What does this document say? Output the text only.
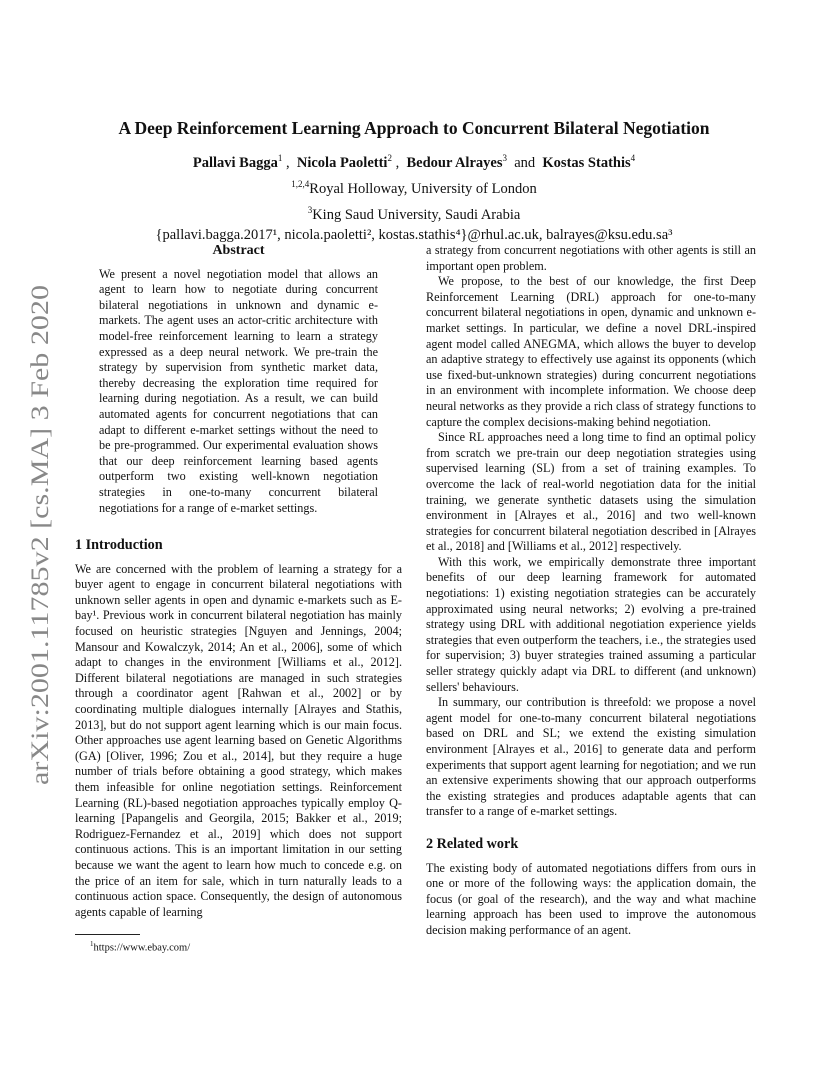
arXiv:2001.11785v2 [cs.MA] 3 Feb 2020
A Deep Reinforcement Learning Approach to Concurrent Bilateral Negotiation
Pallavi Bagga$^1$ ,  Nicola Paoletti$^2$ ,  Bedour Alrayes$^3$ and Kostas Stathis$^4$
$^{1,2,4}$Royal Holloway, University of London
$^3$King Saud University, Saudi Arabia
{pallavi.bagga.2017¹, nicola.paoletti², kostas.stathis⁴}@rhul.ac.uk, balrayes@ksu.edu.sa³
Abstract

We present a novel negotiation model that allows an agent to learn how to negotiate during concurrent bilateral negotiations in unknown and dynamic e-markets. The agent uses an actor-critic architecture with model-free reinforcement learning to learn a strategy expressed as a deep neural network. We pre-train the strategy by supervision from synthetic market data, thereby decreasing the exploration time required for learning during negotiation. As a result, we can build automated agents for concurrent negotiations that can adapt to different e-market settings without the need to be pre-programmed. Our experimental evaluation shows that our deep reinforcement learning based agents outperform two existing well-known negotiation strategies in one-to-many concurrent bilateral negotiations for a range of e-market settings.

1 Introduction

We are concerned with the problem of learning a strategy for a buyer agent to engage in concurrent bilateral negotiations with unknown seller agents in open and dynamic e-markets such as E-bay¹. Previous work in concurrent bilateral negotiation has mainly focused on heuristic strategies [Nguyen and Jennings, 2004; Mansour and Kowalczyk, 2014; An et al., 2006], some of which adapt to changes in the environment [Williams et al., 2012]. Different bilateral negotiations are managed in such strategies through a coordinator agent [Rahwan et al., 2002] or by coordinating multiple dialogues internally [Alrayes and Stathis, 2013], but do not support agent learning which is our main focus. Other approaches use agent learning based on Genetic Algorithms (GA) [Oliver, 1996; Zou et al., 2014], but they require a huge number of trials before obtaining a good strategy, which makes them infeasible for online negotiation settings. Reinforcement Learning (RL)-based negotiation approaches typically employ Q-learning [Papangelis and Georgila, 2015; Bakker et al., 2019; Rodriguez-Fernandez et al., 2019] which does not support continuous actions. This is an important limitation in our setting because we want the agent to learn how much to concede e.g. on the price of an item for sale, which in turn naturally leads to a continuous action space. Consequently, the design of autonomous agents capable of learning

a strategy from concurrent negotiations with other agents is still an important open problem.

We propose, to the best of our knowledge, the first Deep Reinforcement Learning (DRL) approach for one-to-many concurrent bilateral negotiations in open, dynamic and unknown e-market settings. In particular, we define a novel DRL-inspired agent model called ANEGMA, which allows the buyer to develop an adaptive strategy to effectively use against its opponents (which use fixed-but-unknown strategies) during concurrent negotiations in an environment with incomplete information. We choose deep neural networks as they provide a rich class of strategy functions to capture the complex decisions-making behind negotiation.

Since RL approaches need a long time to find an optimal policy from scratch we pre-train our deep negotiation strategies using supervised learning (SL) from a set of training examples. To overcome the lack of real-world negotiation data for the initial training, we generate synthetic datasets using the simulation environment in [Alrayes et al., 2016] and two well-known strategies for concurrent bilateral negotiation described in [Alrayes et al., 2018] and [Williams et al., 2012] respectively.

With this work, we empirically demonstrate three important benefits of our deep learning framework for automated negotiations: 1) existing negotiation strategies can be accurately approximated using neural networks; 2) evolving a pre-trained strategy using DRL with additional negotiation experience yields strategies that even outperform the teachers, i.e., the strategies used for supervision; 3) buyer strategies trained assuming a particular seller strategy quickly adapt via DRL to different (and unknown) sellers' behaviours.

In summary, our contribution is threefold: we propose a novel agent model for one-to-many concurrent bilateral negotiations based on DRL and SL; we extend the existing simulation environment [Alrayes et al., 2016] to generate data and perform experiments that support agent learning for negotiation; and we run an extensive experiments showing that our approach outperforms the existing strategies and produces adaptable agents that can transfer to a range of e-market settings.

2 Related work

The existing body of automated negotiations differs from ours in one or more of the following ways: the application domain, the focus (or goal of the research), and the way and what machine learning approach has been used to improve the autonomous decision making performance of an agent.

$^1$https://www.ebay.com/
